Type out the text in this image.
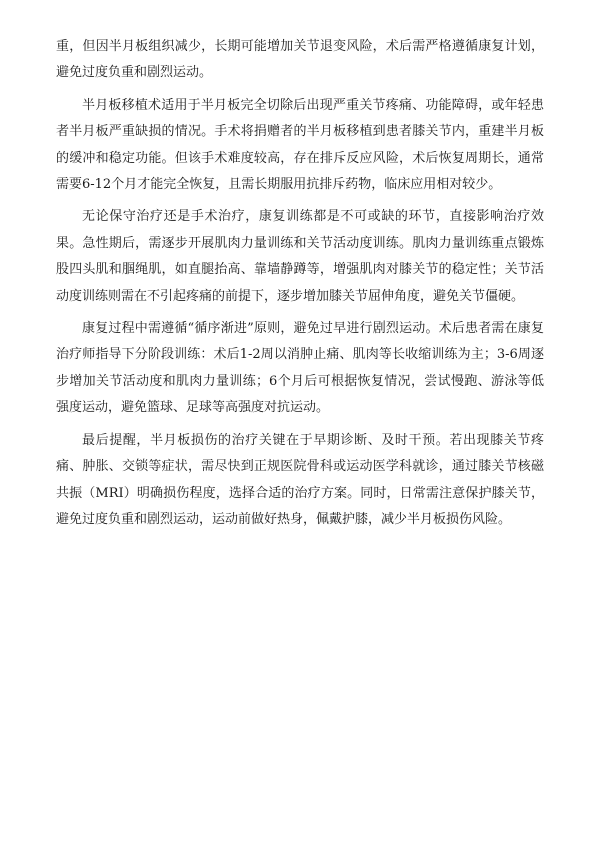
重，但因半月板组织减少，长期可能增加关节退变风险，术后需严格遵循康复计划，避免过度负重和剧烈运动。

半月板移植术适用于半月板完全切除后出现严重关节疼痛、功能障碍，或年轻患者半月板严重缺损的情况。手术将捐赠者的半月板移植到患者膝关节内，重建半月板的缓冲和稳定功能。但该手术难度较高，存在排斥反应风险，术后恢复周期长，通常需要6-12个月才能完全恢复，且需长期服用抗排斥药物，临床应用相对较少。

无论保守治疗还是手术治疗，康复训练都是不可或缺的环节，直接影响治疗效果。急性期后，需逐步开展肌肉力量训练和关节活动度训练。肌肉力量训练重点锻炼股四头肌和腘绳肌，如直腿抬高、靠墙静蹲等，增强肌肉对膝关节的稳定性；关节活动度训练则需在不引起疼痛的前提下，逐步增加膝关节屈伸角度，避免关节僵硬。

康复过程中需遵循“循序渐进”原则，避免过早进行剧烈运动。术后患者需在康复治疗师指导下分阶段训练：术后1-2周以消肿止痛、肌肉等长收缩训练为主；3-6周逐步增加关节活动度和肌肉力量训练；6个月后可根据恢复情况，尝试慢跑、游泳等低强度运动，避免篮球、足球等高强度对抗运动。

最后提醒，半月板损伤的治疗关键在于早期诊断、及时干预。若出现膝关节疼痛、肿胀、交锁等症状，需尽快到正规医院骨科或运动医学科就诊，通过膝关节核磁共振（MRI）明确损伤程度，选择合适的治疗方案。同时，日常需注意保护膝关节，避免过度负重和剧烈运动，运动前做好热身，佩戴护膝，减少半月板损伤风险。
